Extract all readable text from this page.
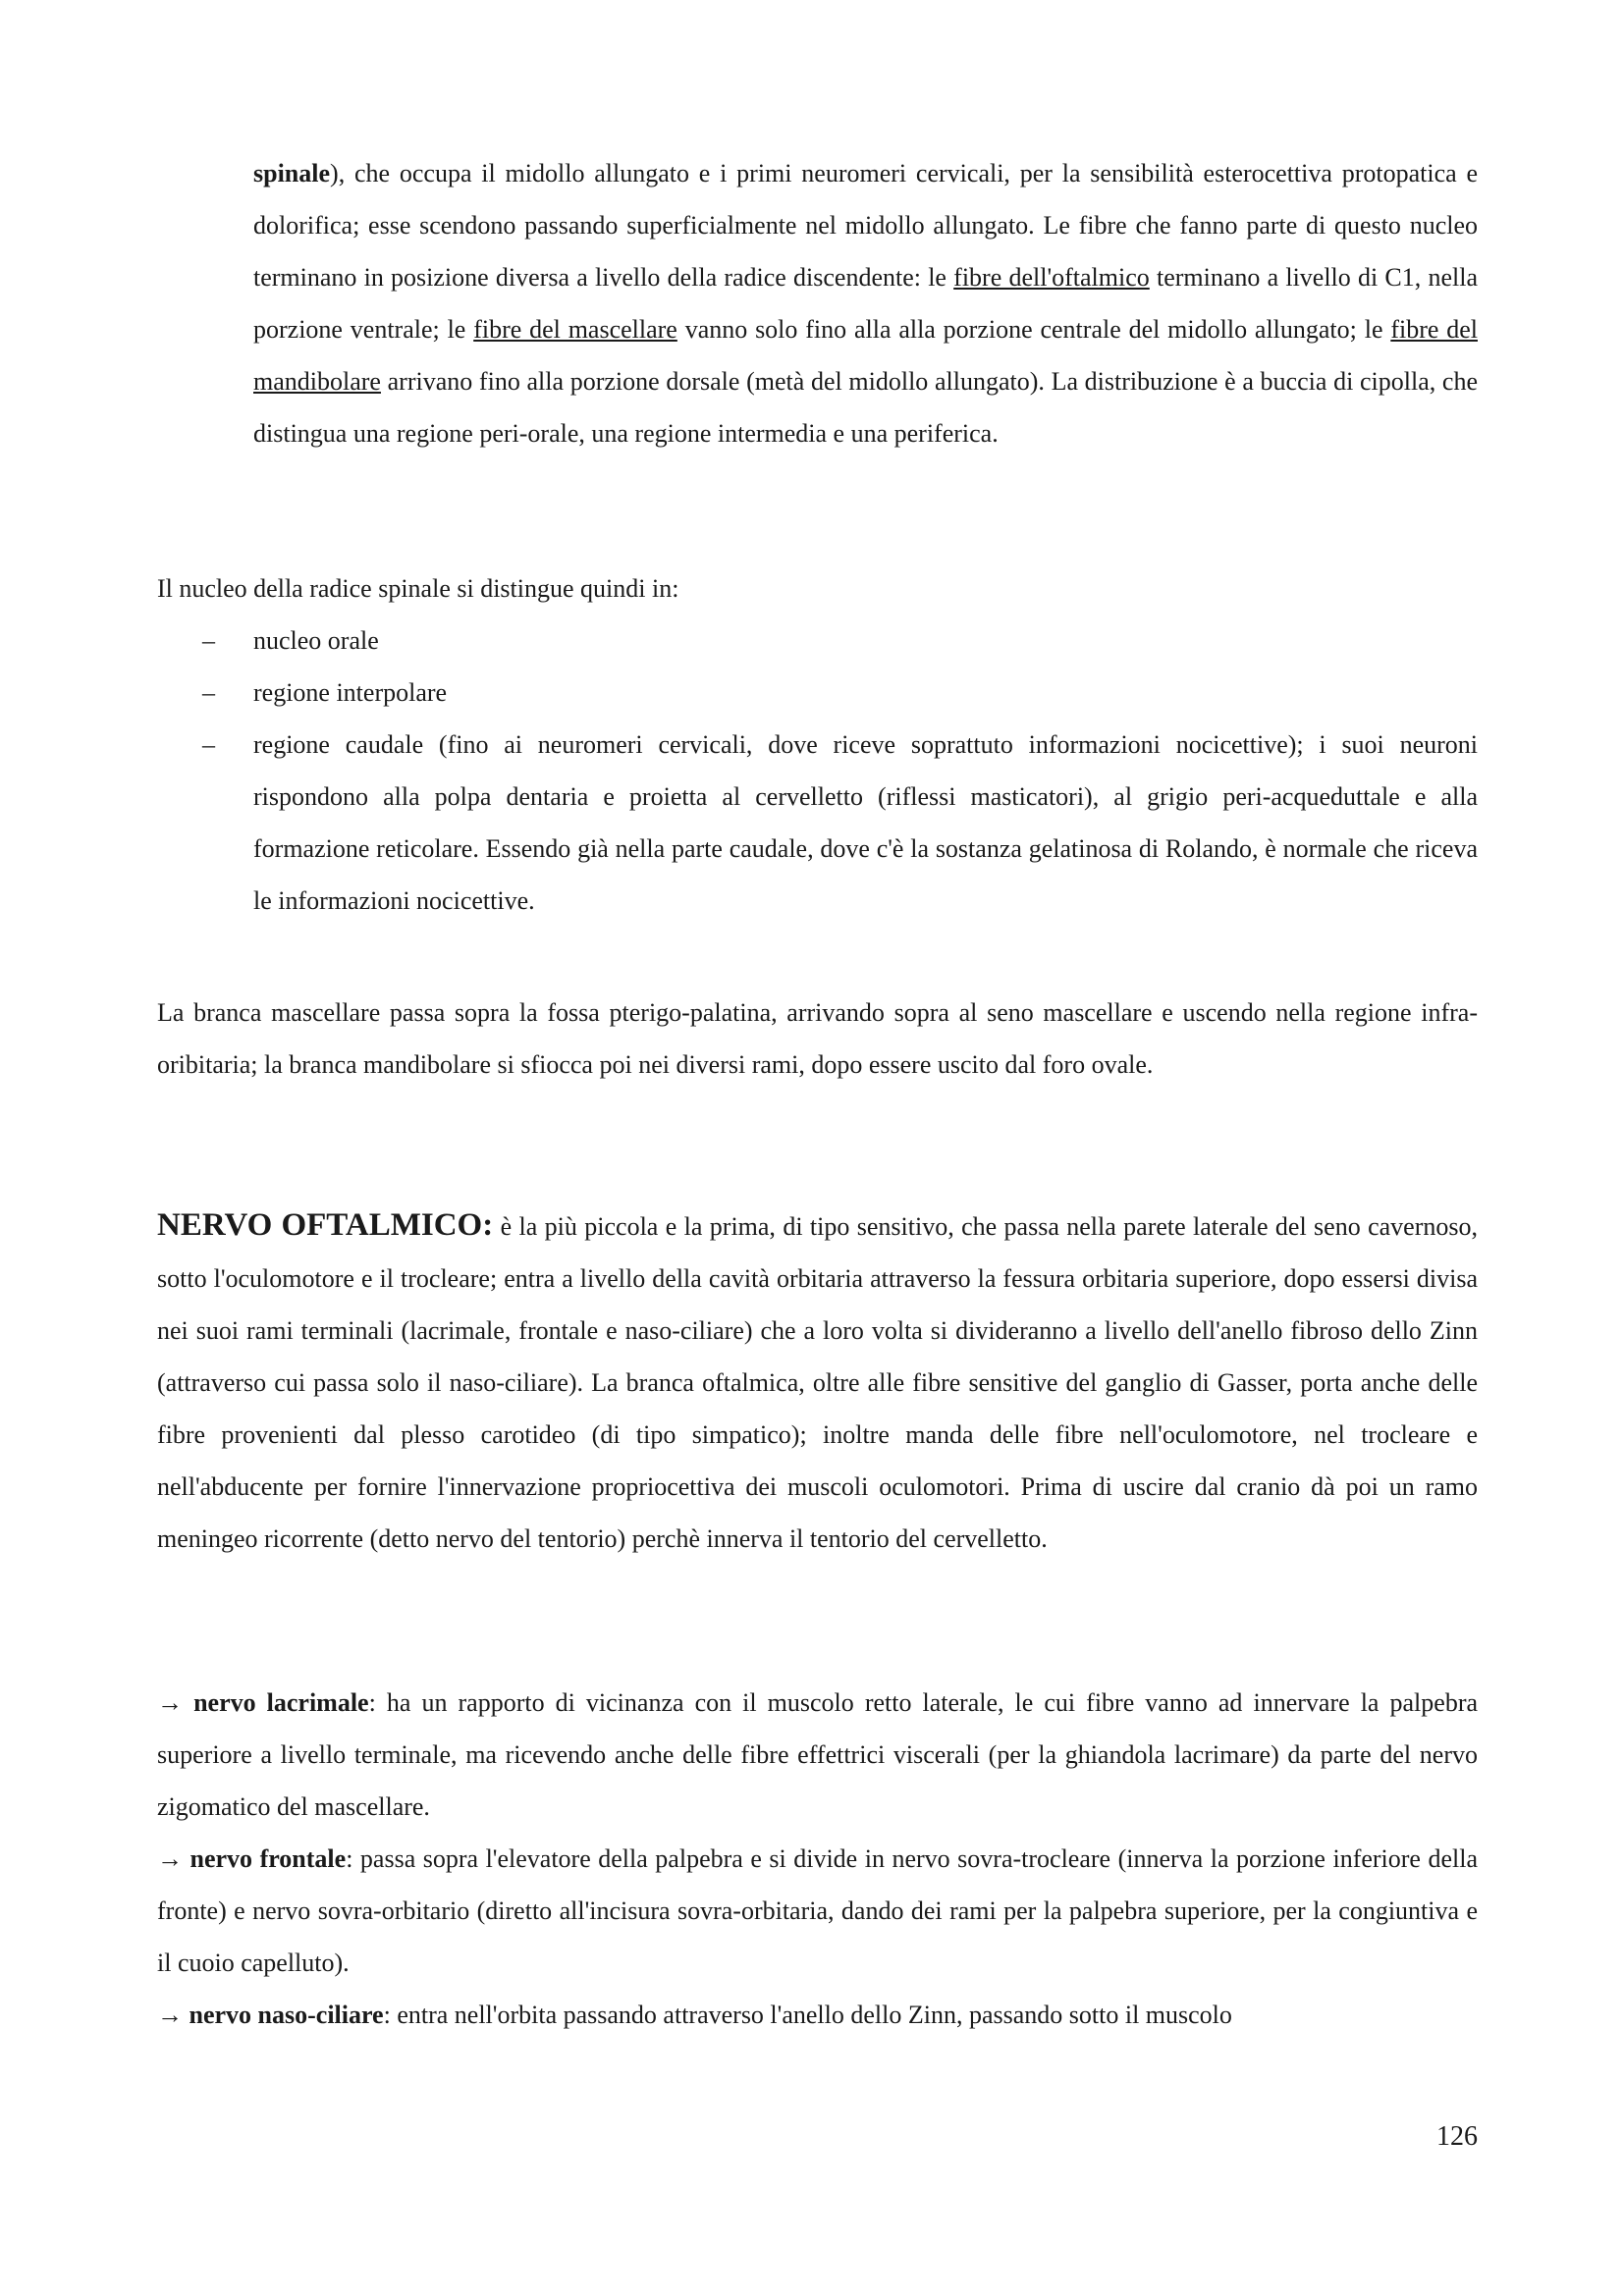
spinale), che occupa il midollo allungato e i primi neuromeri cervicali, per la sensibilità esterocettiva protopatica e dolorifica; esse scendono passando superficialmente nel midollo allungato. Le fibre che fanno parte di questo nucleo terminano in posizione diversa a livello della radice discendente: le fibre dell'oftalmico terminano a livello di C1, nella porzione ventrale; le fibre del mascellare vanno solo fino alla alla porzione centrale del midollo allungato; le fibre del mandibolare arrivano fino alla porzione dorsale (metà del midollo allungato). La distribuzione è a buccia di cipolla, che distingua una regione peri-orale, una regione intermedia e una periferica.

Il nucleo della radice spinale si distingue quindi in:

– nucleo orale
– regione interpolare
– regione caudale (fino ai neuromeri cervicali, dove riceve soprattuto informazioni nocicettive); i suoi neuroni rispondono alla polpa dentaria e proietta al cervelletto (riflessi masticatori), al grigio peri-acqueduttale e alla formazione reticolare. Essendo già nella parte caudale, dove c'è la sostanza gelatinosa di Rolando, è normale che riceva le informazioni nocicettive.

La branca mascellare passa sopra la fossa pterigo-palatina, arrivando sopra al seno mascellare e uscendo nella regione infra-oribitaria; la branca mandibolare si sfiocca poi nei diversi rami, dopo essere uscito dal foro ovale.

NERVO OFTALMICO: è la più piccola e la prima, di tipo sensitivo, che passa nella parete laterale del seno cavernoso, sotto l'oculomotore e il trocleare; entra a livello della cavità orbitaria attraverso la fessura orbitaria superiore, dopo essersi divisa nei suoi rami terminali (lacrimale, frontale e naso-ciliare) che a loro volta si divideranno a livello dell'anello fibroso dello Zinn (attraverso cui passa solo il naso-ciliare). La branca oftalmica, oltre alle fibre sensitive del ganglio di Gasser, porta anche delle fibre provenienti dal plesso carotideo (di tipo simpatico); inoltre manda delle fibre nell'oculomotore, nel trocleare e nell'abducente per fornire l'innervazione propriocettiva dei muscoli oculomotori. Prima di uscire dal cranio dà poi un ramo meningeo ricorrente (detto nervo del tentorio) perchè innerva il tentorio del cervelletto.

→ nervo lacrimale: ha un rapporto di vicinanza con il muscolo retto laterale, le cui fibre vanno ad innervare la palpebra superiore a livello terminale, ma ricevendo anche delle fibre effettrici viscerali (per la ghiandola lacrimare) da parte del nervo zigomatico del mascellare.

→ nervo frontale: passa sopra l'elevatore della palpebra e si divide in nervo sovra-trocleare (innerva la porzione inferiore della fronte) e nervo sovra-orbitario (diretto all'incisura sovra-orbitaria, dando dei rami per la palpebra superiore, per la congiuntiva e il cuoio capelluto).

→ nervo naso-ciliare: entra nell'orbita passando attraverso l'anello dello Zinn, passando sotto il muscolo

126
